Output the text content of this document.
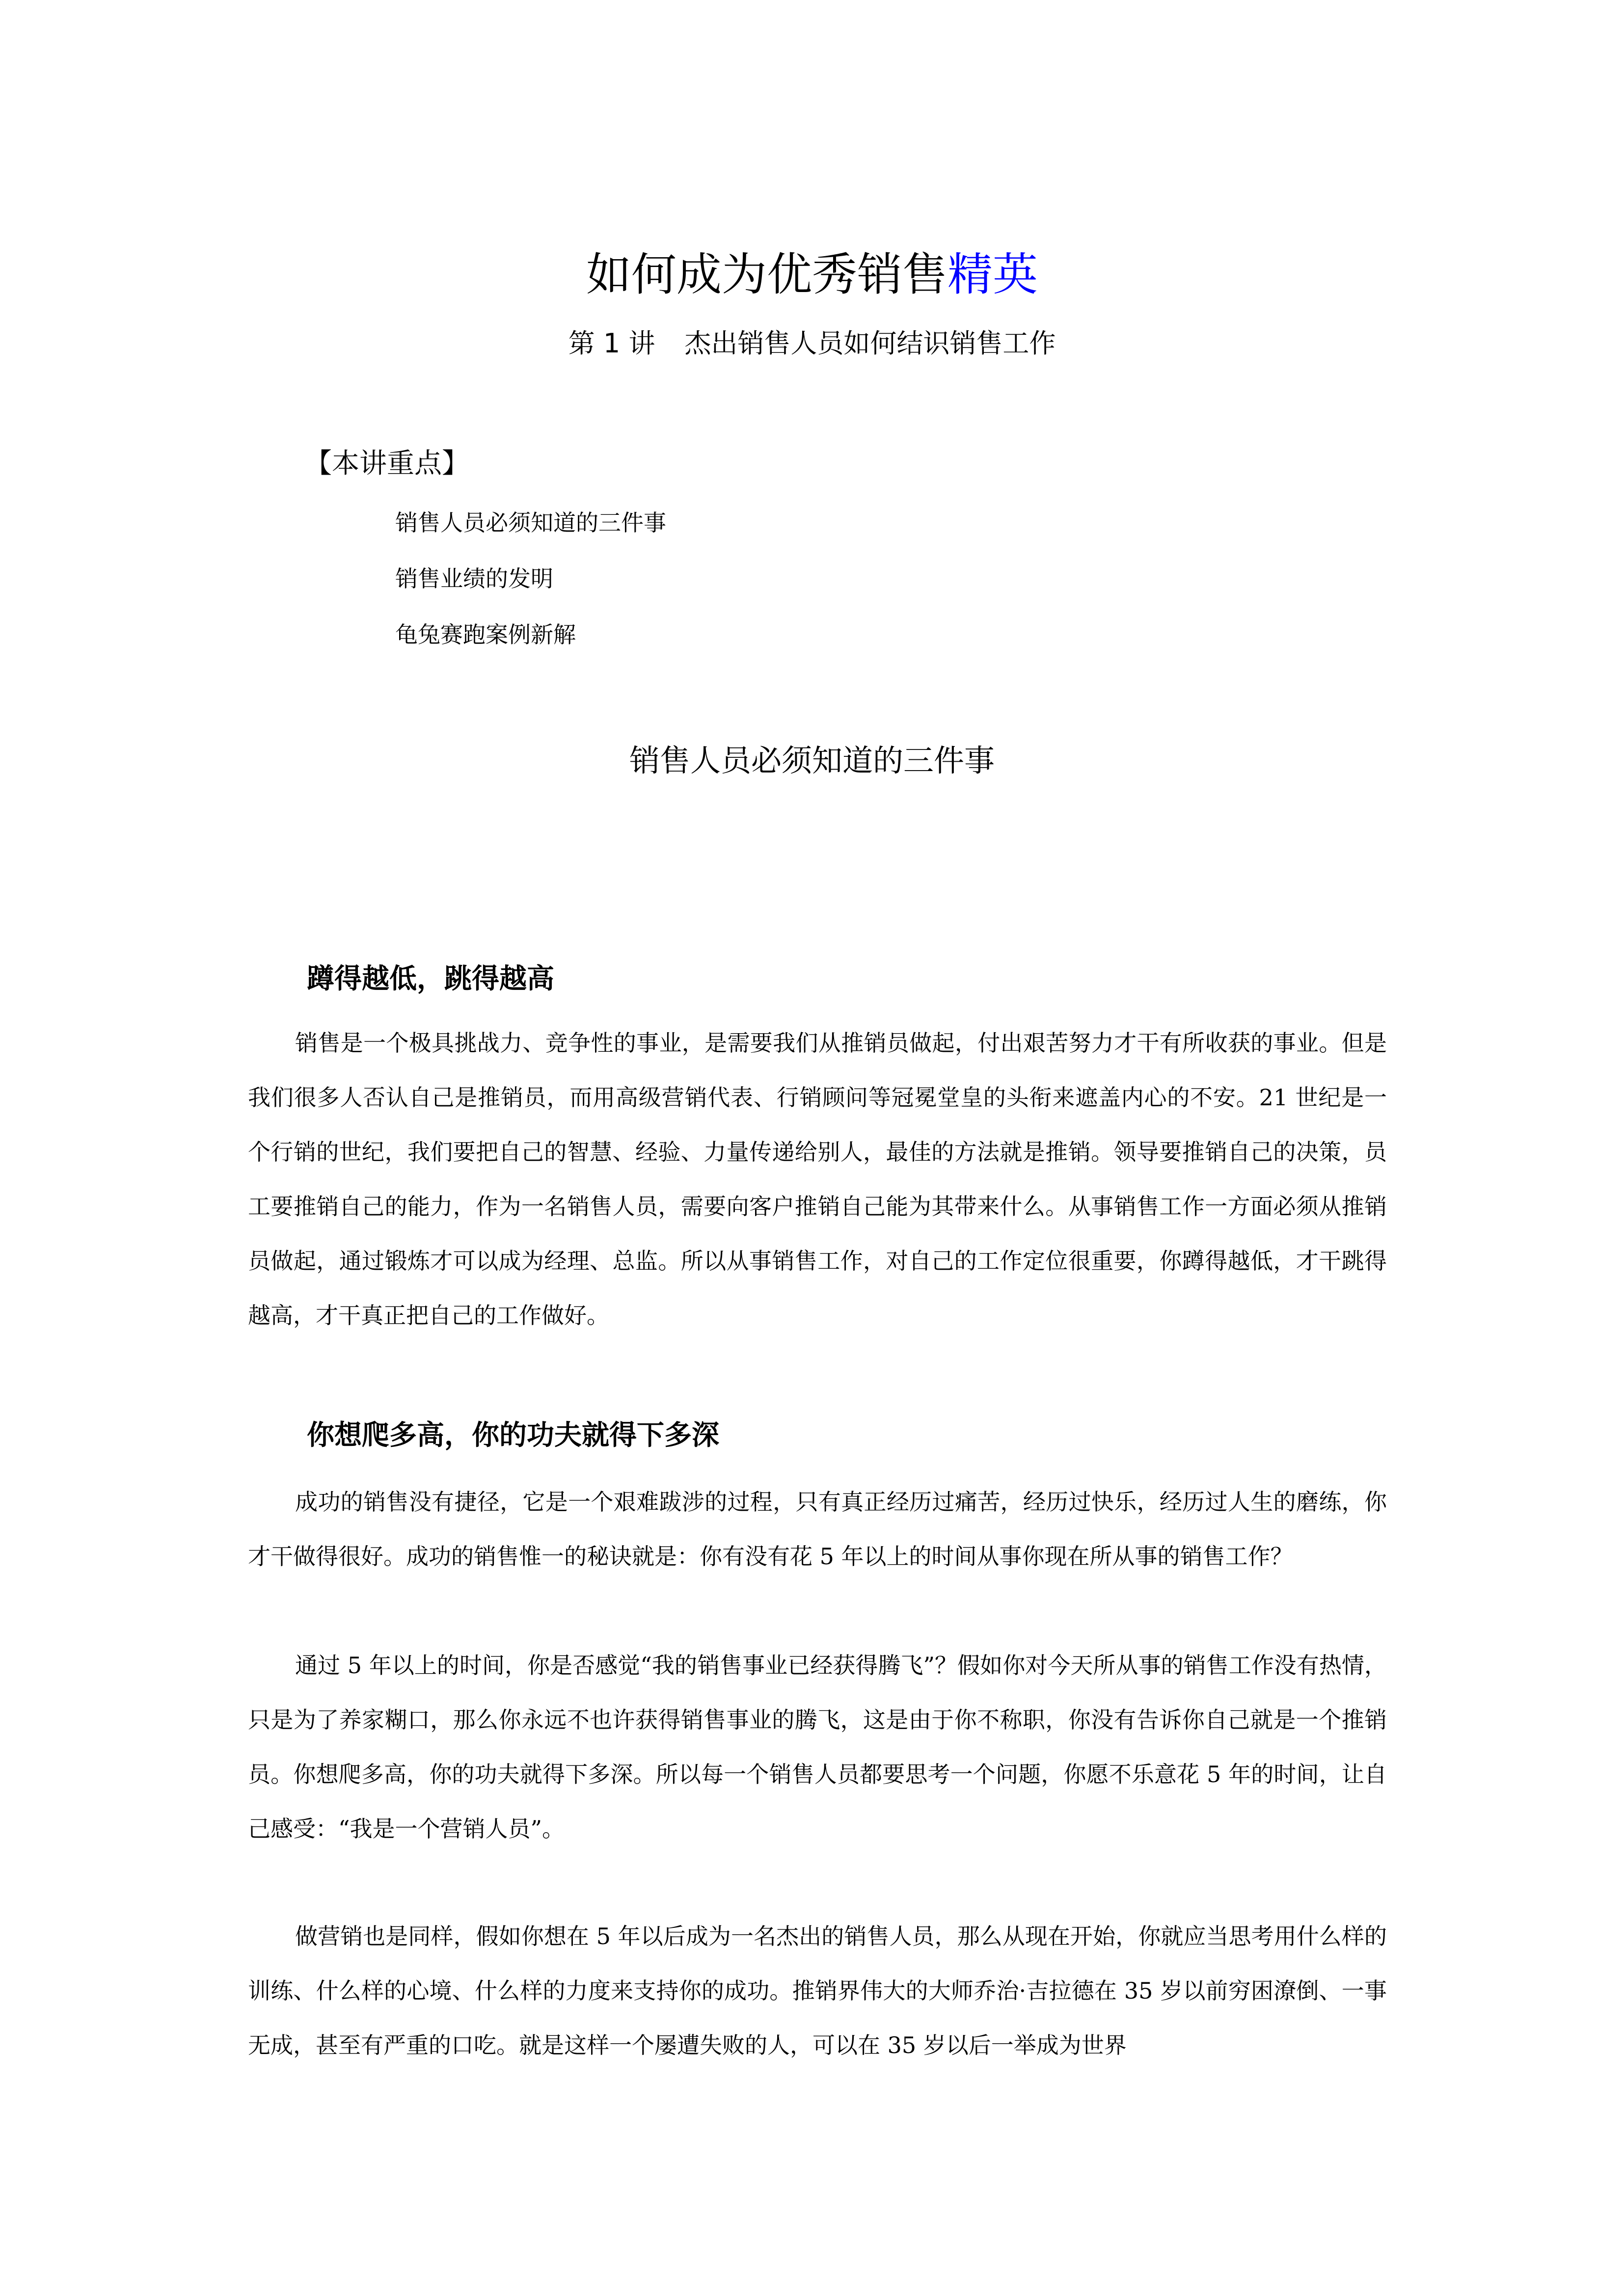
如何成为优秀销售精英
第 1 讲 杰出销售人员如何结识销售工作
【本讲重点】
销售人员必须知道的三件事
销售业绩的发明
龟兔赛跑案例新解
销售人员必须知道的三件事
蹲得越低，跳得越高

销售是一个极具挑战力、竞争性的事业，是需要我们从推销员做起，付出艰苦努力才干有所收获的事业。但是我们很多人否认自己是推销员，而用高级营销代表、行销顾问等冠冕堂皇的头衔来遮盖内心的不安。21 世纪是一个行销的世纪，我们要把自己的智慧、经验、力量传递给别人，最佳的方法就是推销。领导要推销自己的决策，员工要推销自己的能力，作为一名销售人员，需要向客户推销自己能为其带来什么。从事销售工作一方面必须从推销员做起，通过锻炼才可以成为经理、总监。所以从事销售工作，对自己的工作定位很重要，你蹲得越低，才干跳得越高，才干真正把自己的工作做好。

你想爬多高，你的功夫就得下多深

成功的销售没有捷径，它是一个艰难跋涉的过程，只有真正经历过痛苦，经历过快乐，经历过人生的磨练，你才干做得很好。成功的销售惟一的秘诀就是：你有没有花 5 年以上的时间从事你现在所从事的销售工作？

通过 5 年以上的时间，你是否感觉“我的销售事业已经获得腾飞”？假如你对今天所从事的销售工作没有热情，只是为了养家糊口，那么你永远不也许获得销售事业的腾飞，这是由于你不称职，你没有告诉你自己就是一个推销员。你想爬多高，你的功夫就得下多深。所以每一个销售人员都要思考一个问题，你愿不乐意花 5 年的时间，让自己感受：“我是一个营销人员”。

做营销也是同样，假如你想在 5 年以后成为一名杰出的销售人员，那么从现在开始，你就应当思考用什么样的训练、什么样的心境、什么样的力度来支持你的成功。推销界伟大的大师乔治·吉拉德在 35 岁以前穷困潦倒、一事无成，甚至有严重的口吃。就是这样一个屡遭失败的人，可以在 35 岁以后一举成为世界
